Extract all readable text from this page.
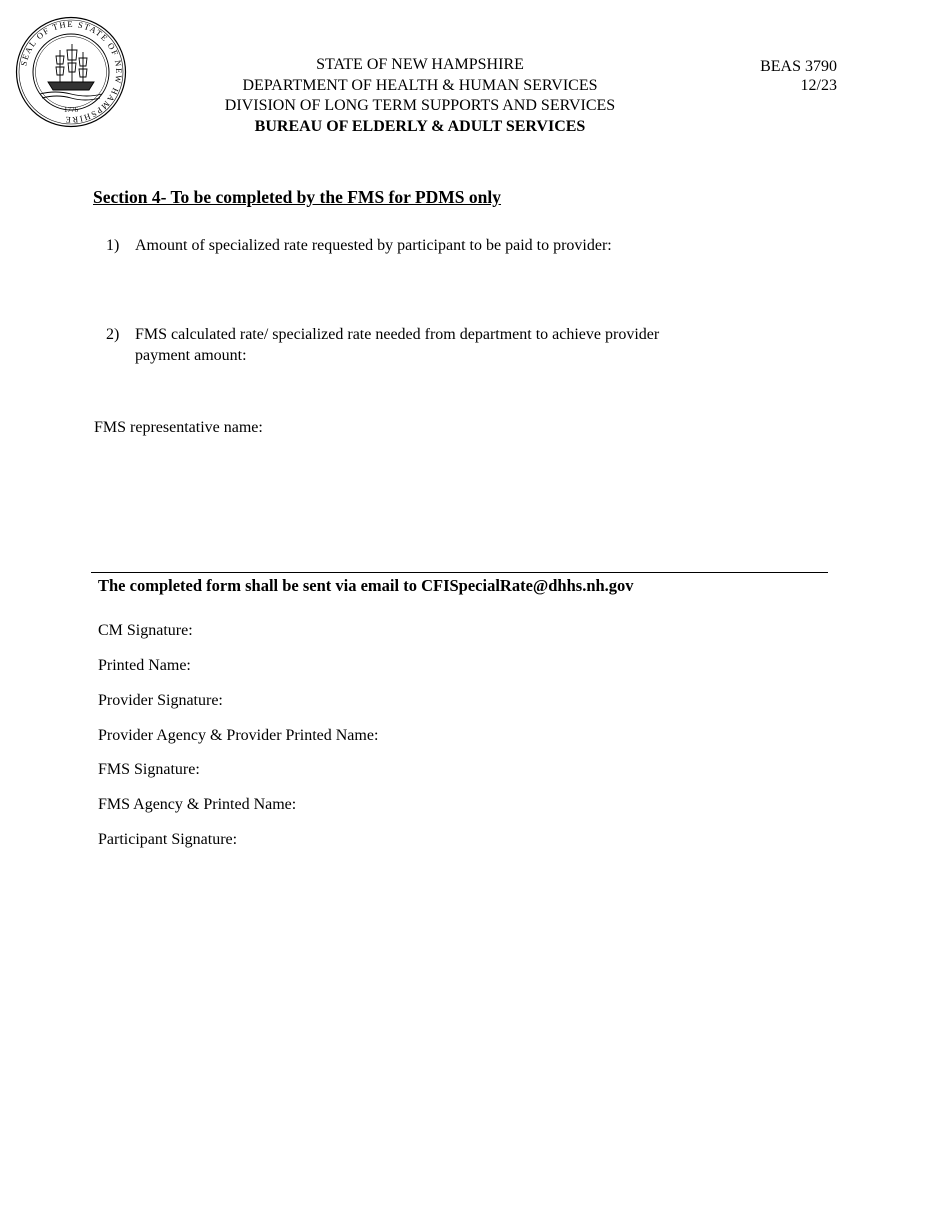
SEAL OF THE STATE OF NEW HAMPSHIRE
1776
STATE OF NEW HAMPSHIRE
DEPARTMENT OF HEALTH & HUMAN SERVICES
DIVISION OF LONG TERM SUPPORTS AND SERVICES
BUREAU OF ELDERLY & ADULT SERVICES
BEAS 3790
12/23
Section 4- To be completed by the FMS for PDMS only
1) Amount of specialized rate requested by participant to be paid to provider:
2) FMS calculated rate/ specialized rate needed from department to achieve provider payment amount:
FMS representative name:
The completed form shall be sent via email to CFISpecialRate@dhhs.nh.gov
CM Signature:
Printed Name:
Provider Signature:
Provider Agency & Provider Printed Name:
FMS Signature:
FMS Agency & Printed Name:
Participant Signature:
